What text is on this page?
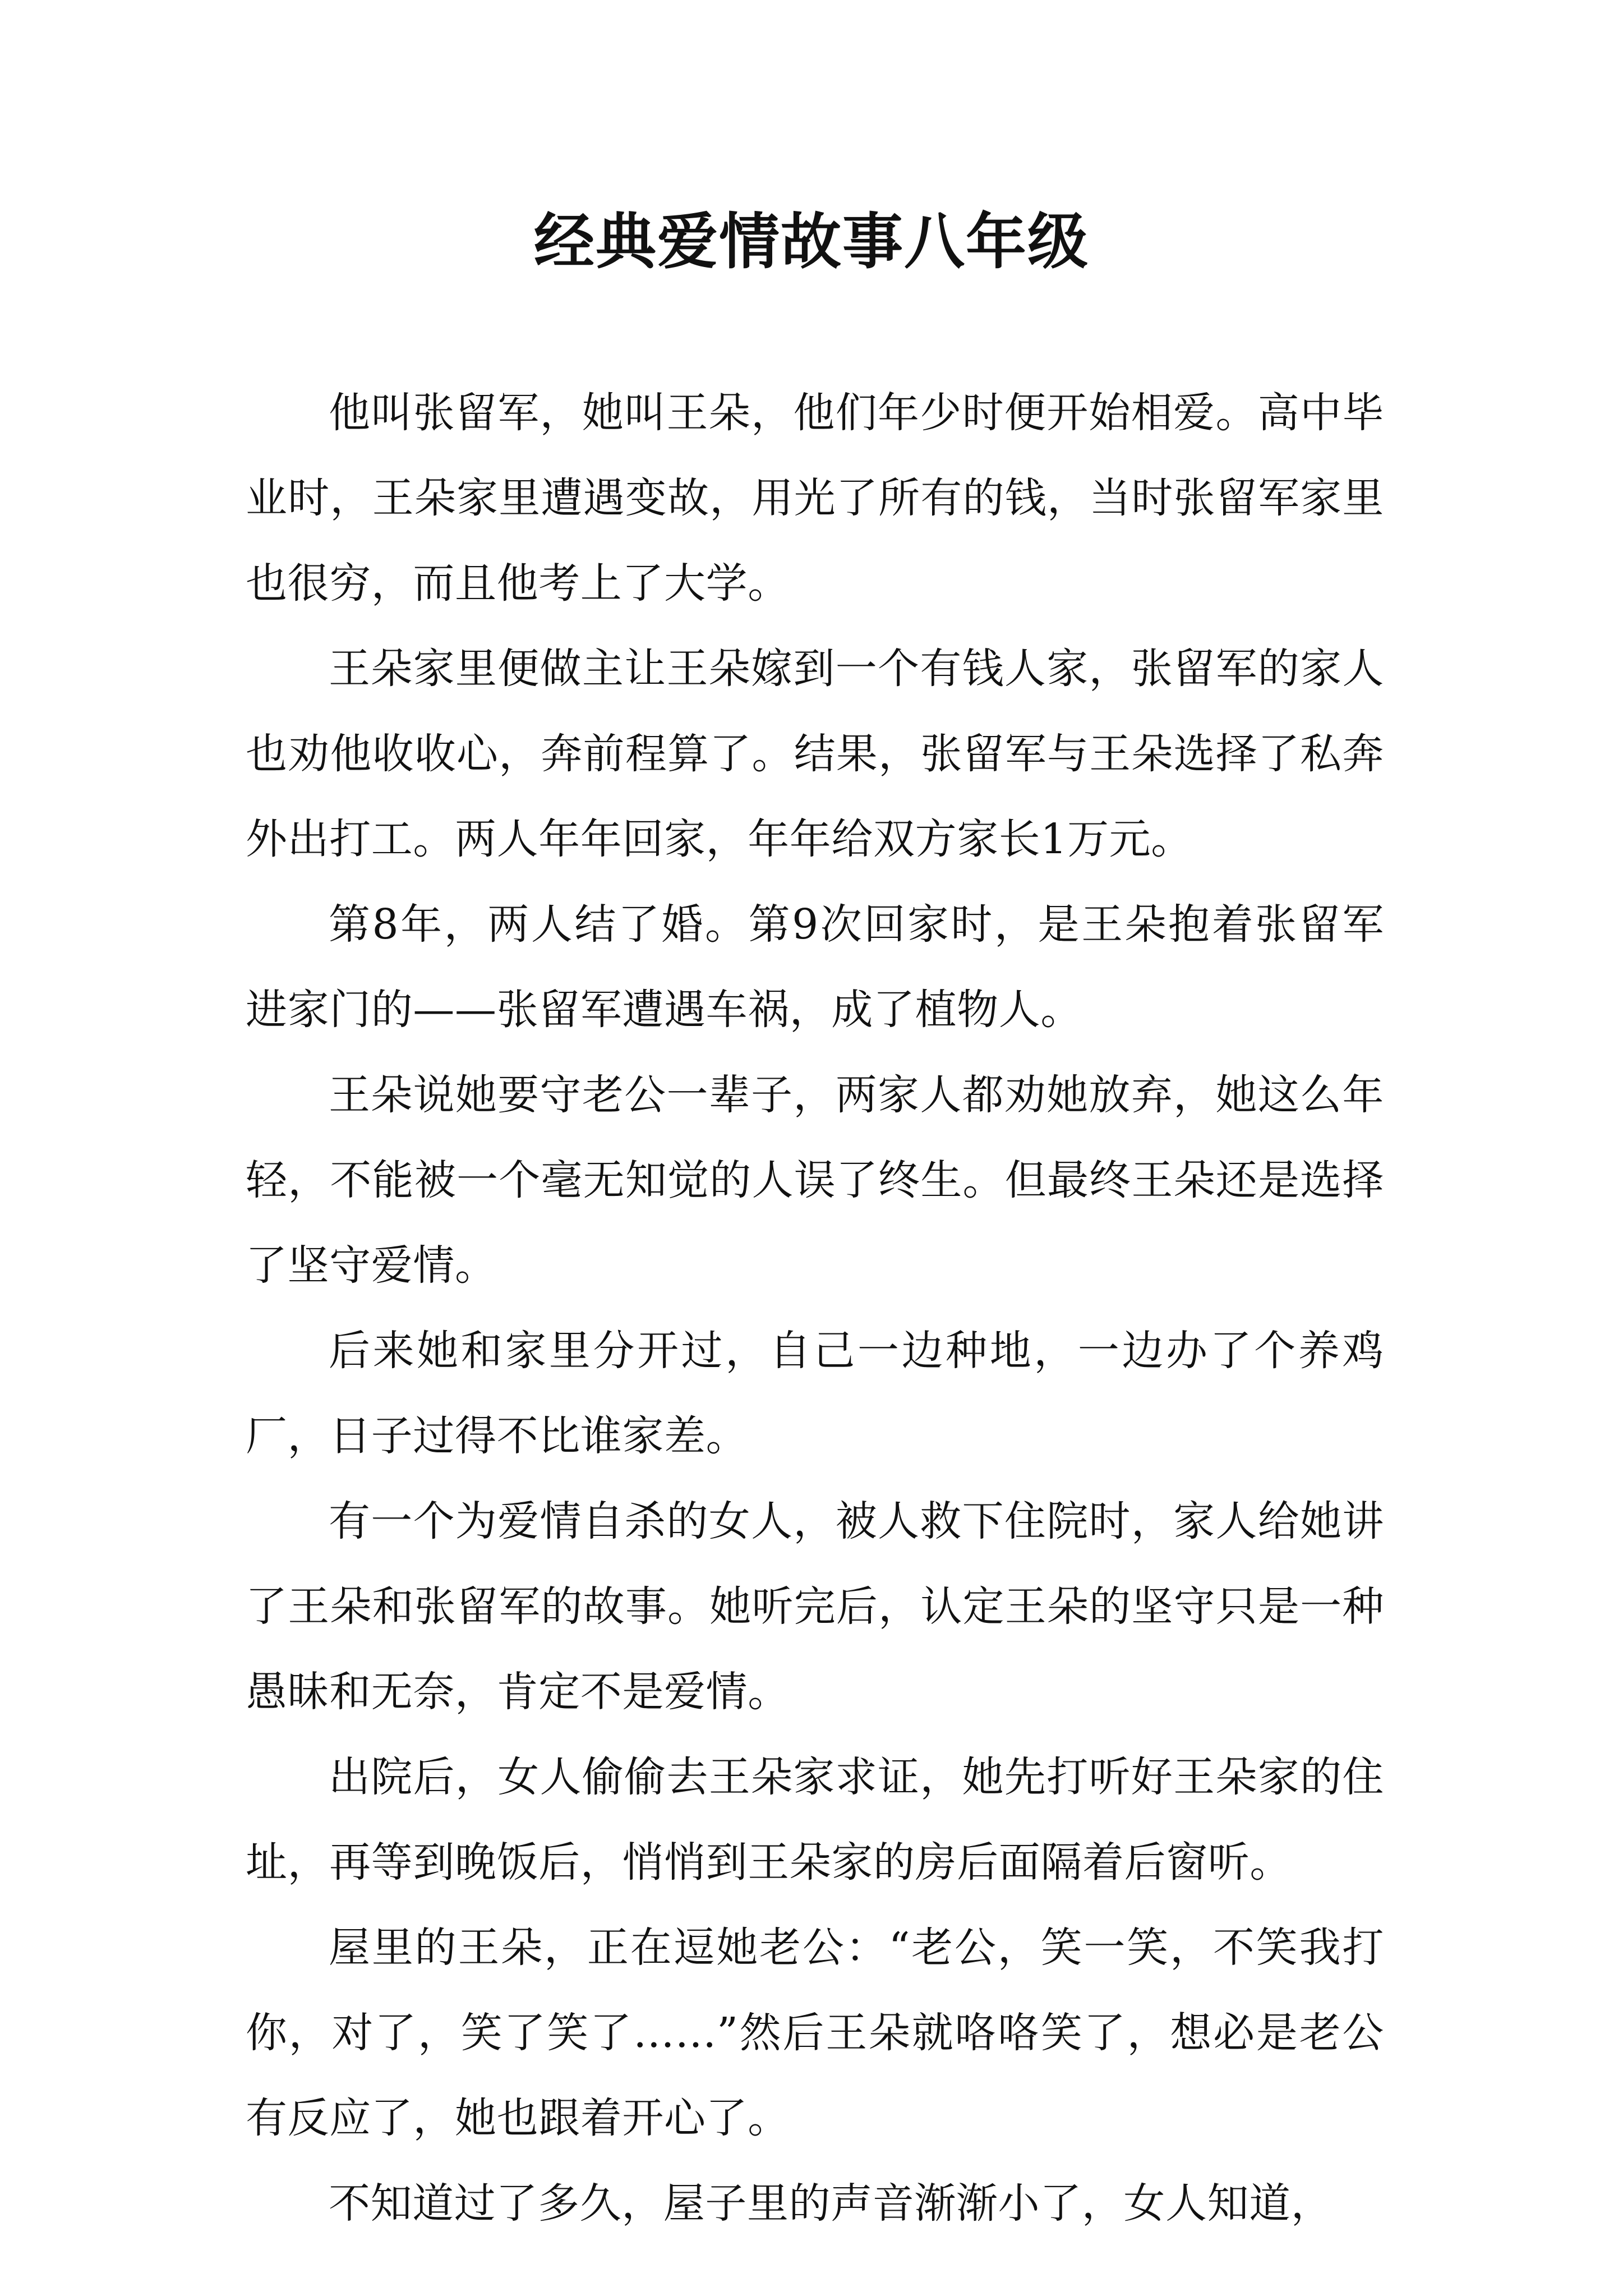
经典爱情故事八年级

他叫张留军，她叫王朵，他们年少时便开始相爱。高中毕业时，王朵家里遭遇变故，用光了所有的钱，当时张留军家里也很穷，而且他考上了大学。

王朵家里便做主让王朵嫁到一个有钱人家，张留军的家人也劝他收收心，奔前程算了。结果，张留军与王朵选择了私奔外出打工。两人年年回家，年年给双方家长1万元。

第8年，两人结了婚。第9次回家时，是王朵抱着张留军进家门的——张留军遭遇车祸，成了植物人。

王朵说她要守老公一辈子，两家人都劝她放弃，她这么年轻，不能被一个毫无知觉的人误了终生。但最终王朵还是选择了坚守爱情。

后来她和家里分开过，自己一边种地，一边办了个养鸡厂，日子过得不比谁家差。

有一个为爱情自杀的女人，被人救下住院时，家人给她讲了王朵和张留军的故事。她听完后，认定王朵的坚守只是一种愚昧和无奈，肯定不是爱情。

出院后，女人偷偷去王朵家求证，她先打听好王朵家的住址，再等到晚饭后，悄悄到王朵家的房后面隔着后窗听。

屋里的王朵，正在逗她老公：“老公，笑一笑，不笑我打你，对了，笑了笑了……”然后王朵就咯咯笑了，想必是老公有反应了，她也跟着开心了。

不知道过了多久，屋子里的声音渐渐小了，女人知道，
